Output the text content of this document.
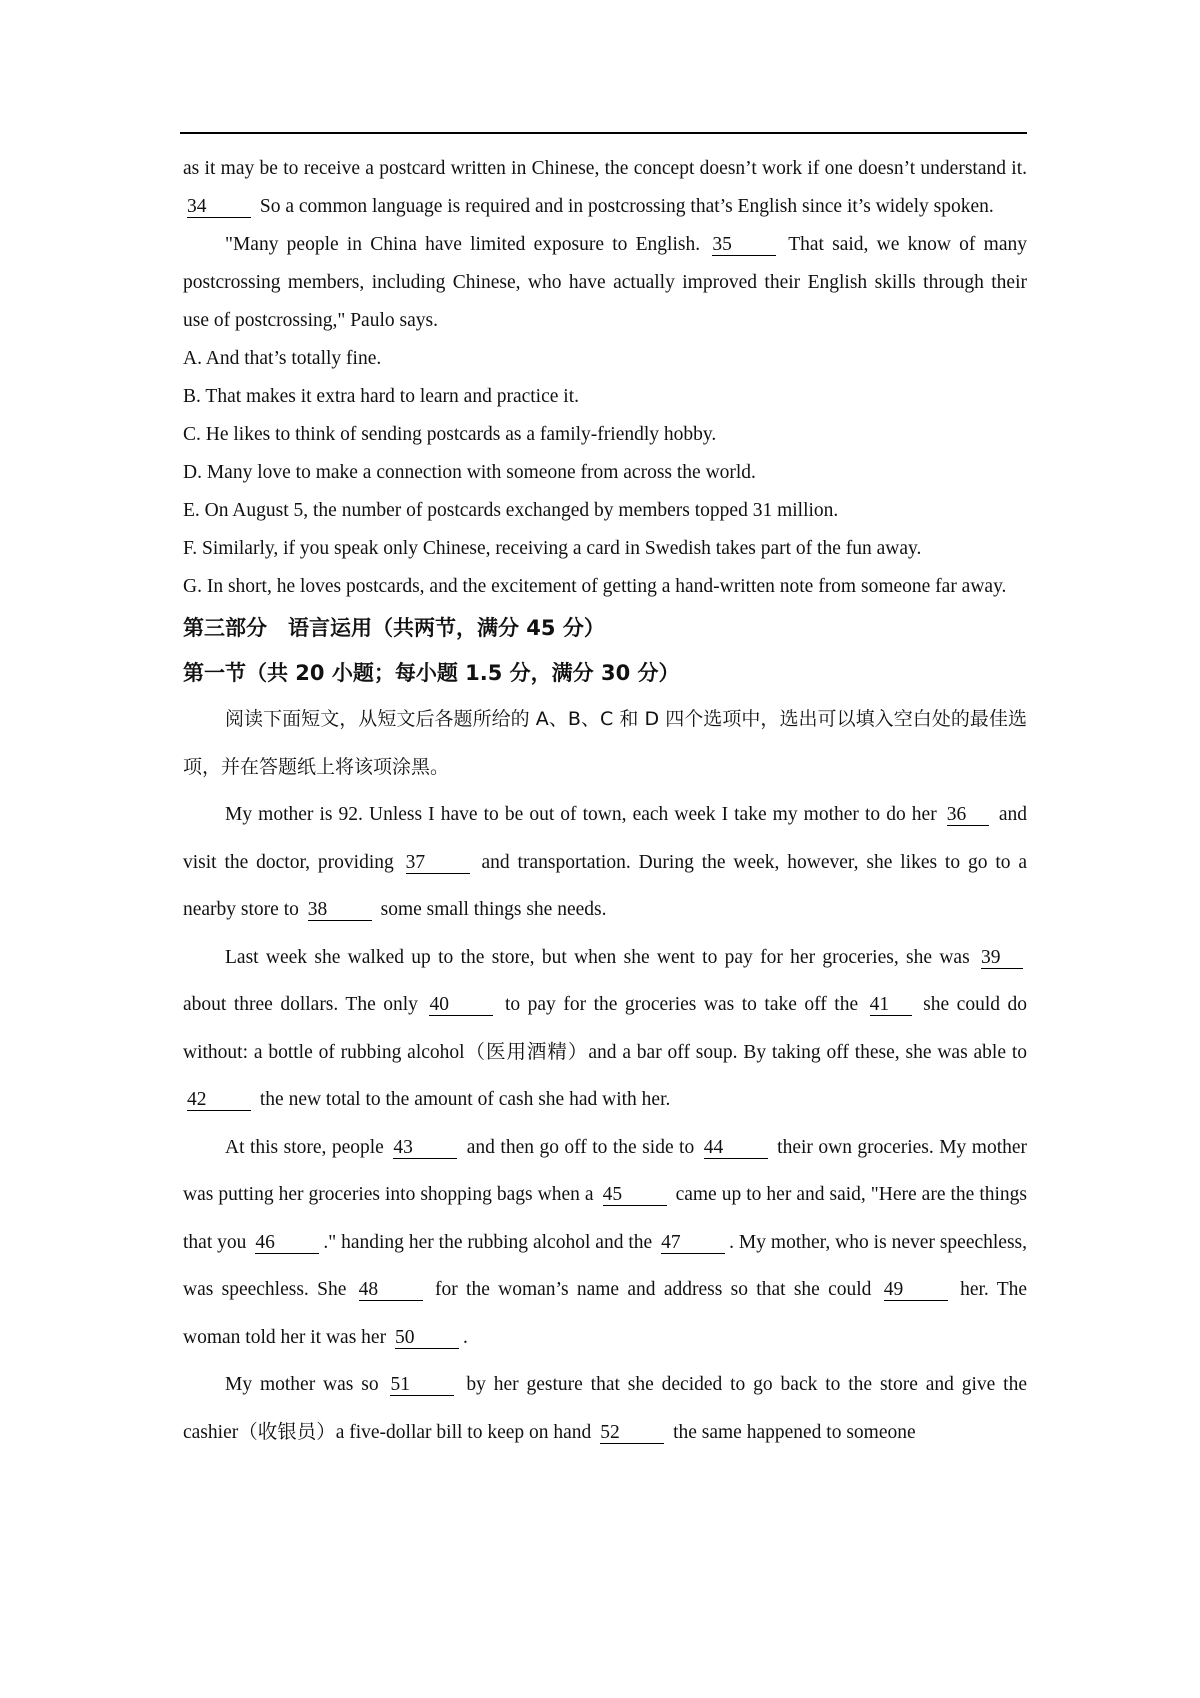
as it may be to receive a postcard written in Chinese, the concept doesn’t work if one doesn’t understand it. 34	So a common language is required and in postcrossing that’s English since it’s widely spoken.

"Many people in China have limited exposure to English. 35	That said, we know of many postcrossing members, including Chinese, who have actually improved their English skills through their use of postcrossing," Paulo says.

A. And that’s totally fine.

B. That makes it extra hard to learn and practice it.

C. He likes to think of sending postcards as a family-friendly hobby.

D. Many love to make a connection with someone from across the world.

E. On August 5, the number of postcards exchanged by members topped 31 million.

F. Similarly, if you speak only Chinese, receiving a card in Swedish takes part of the fun away.

G. In short, he loves postcards, and the excitement of getting a hand-written note from someone far away.

第三部分　语言运用（共两节，满分 45 分）

第一节（共 20 小题；每小题 1.5 分，满分 30 分）

阅读下面短文，从短文后各题所给的 A、B、C 和 D 四个选项中，选出可以填入空白处的最佳选项，并在答题纸上将该项涂黑。

My mother is 92. Unless I have to be out of town, each week I take my mother to do her 36 and visit the doctor, providing 37	and transportation. During the week, however, she likes to go to a nearby store to 38	some small things she needs.

Last week she walked up to the store, but when she went to pay for her groceries, she was 39 about three dollars. The only 40	to pay for the groceries was to take off the 41 she could do without: a bottle of rubbing alcohol（医用酒精）and a bar off soup. By taking off these, she was able to 42	the new total to the amount of cash she had with her.

At this store, people 43	and then go off to the side to 44	their own groceries. My mother was putting her groceries into shopping bags when a 45	came up to her and said, "Here are the things that you 46 ." handing her the rubbing alcohol and the 47 . My mother, who is never speechless, was speechless. She 48	for the woman’s name and address so that she could 49	her. The woman told her it was her 50 .

My mother was so 51	by her gesture that she decided to go back to the store and give the cashier（收银员）a five-dollar bill to keep on hand 52	the same happened to someone
